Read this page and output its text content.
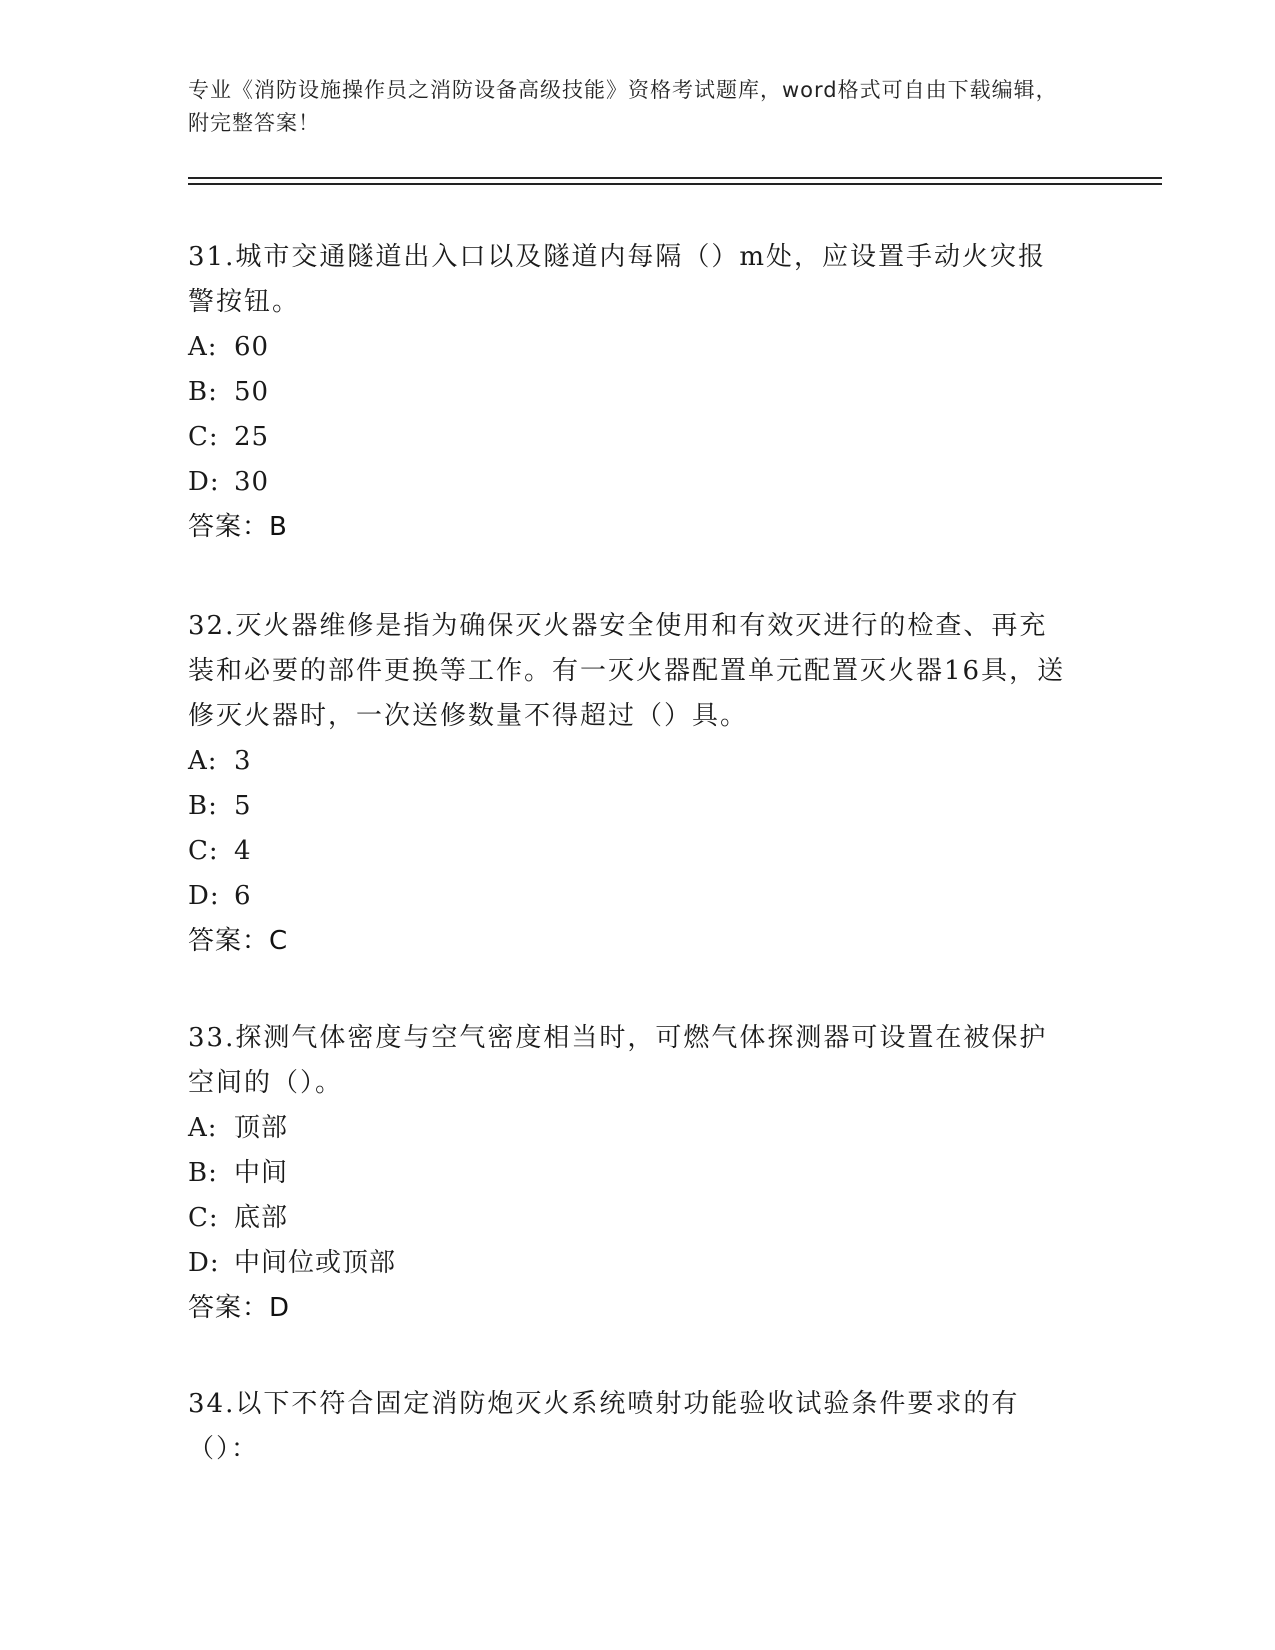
专业《消防设施操作员之消防设备高级技能》资格考试题库，word格式可自由下载编辑，附完整答案！
31.城市交通隧道出入口以及隧道内每隔（）m处，应设置手动火灾报警按钮。
A: 60
B: 50
C: 25
D: 30
答案：B
32.灭火器维修是指为确保灭火器安全使用和有效灭进行的检查、再充装和必要的部件更换等工作。有一灭火器配置单元配置灭火器16具，送修灭火器时，一次送修数量不得超过（）具。
A: 3
B: 5
C: 4
D: 6
答案：C
33.探测气体密度与空气密度相当时，可燃气体探测器可设置在被保护空间的（）。
A: 顶部
B: 中间
C: 底部
D: 中间位或顶部
答案：D
34.以下不符合固定消防炮灭火系统喷射功能验收试验条件要求的有（）：
